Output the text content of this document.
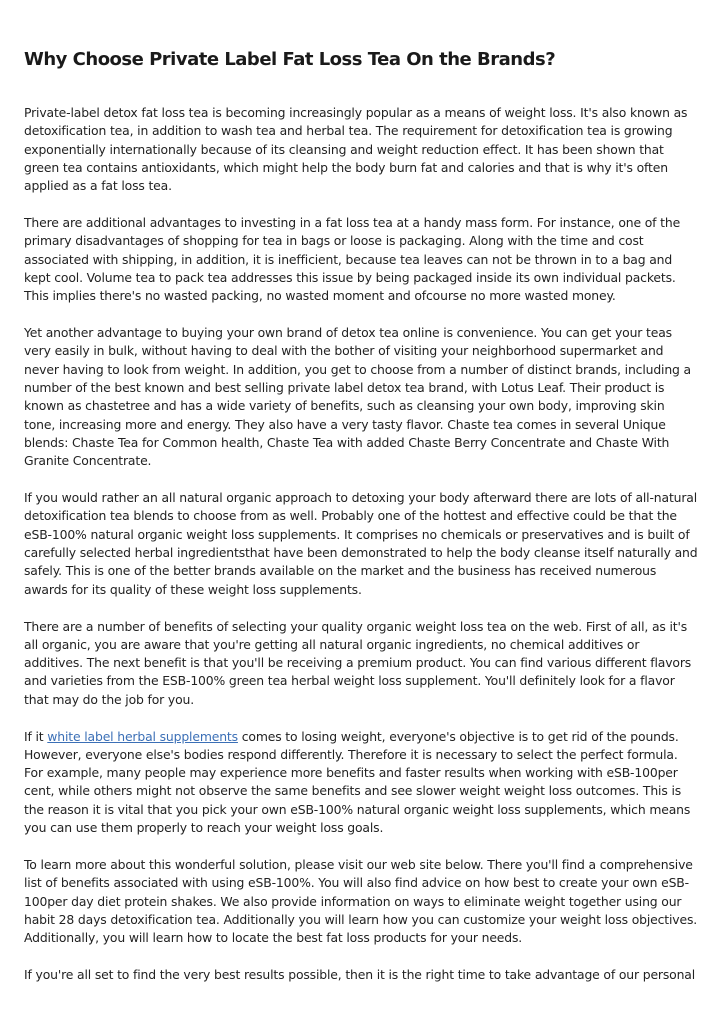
Why Choose Private Label Fat Loss Tea On the Brands?

Private-label detox fat loss tea is becoming increasingly popular as a means of weight loss. It's also known as detoxification tea, in addition to wash tea and herbal tea. The requirement for detoxification tea is growing exponentially internationally because of its cleansing and weight reduction effect. It has been shown that green tea contains antioxidants, which might help the body burn fat and calories and that is why it's often applied as a fat loss tea.

There are additional advantages to investing in a fat loss tea at a handy mass form. For instance, one of the primary disadvantages of shopping for tea in bags or loose is packaging. Along with the time and cost associated with shipping, in addition, it is inefficient, because tea leaves can not be thrown in to a bag and kept cool. Volume tea to pack tea addresses this issue by being packaged inside its own individual packets. This implies there's no wasted packing, no wasted moment and ofcourse no more wasted money.

Yet another advantage to buying your own brand of detox tea online is convenience. You can get your teas very easily in bulk, without having to deal with the bother of visiting your neighborhood supermarket and never having to look from weight. In addition, you get to choose from a number of distinct brands, including a number of the best known and best selling private label detox tea brand, with Lotus Leaf. Their product is known as chastetree and has a wide variety of benefits, such as cleansing your own body, improving skin tone, increasing more and energy. They also have a very tasty flavor. Chaste tea comes in several Unique blends: Chaste Tea for Common health, Chaste Tea with added Chaste Berry Concentrate and Chaste With Granite Concentrate.

If you would rather an all natural organic approach to detoxing your body afterward there are lots of all-natural detoxification tea blends to choose from as well. Probably one of the hottest and effective could be that the eSB-100% natural organic weight loss supplements. It comprises no chemicals or preservatives and is built of carefully selected herbal ingredientsthat have been demonstrated to help the body cleanse itself naturally and safely. This is one of the better brands available on the market and the business has received numerous awards for its quality of these weight loss supplements.

There are a number of benefits of selecting your quality organic weight loss tea on the web. First of all, as it's all organic, you are aware that you're getting all natural organic ingredients, no chemical additives or additives. The next benefit is that you'll be receiving a premium product. You can find various different flavors and varieties from the ESB-100% green tea herbal weight loss supplement. You'll definitely look for a flavor that may do the job for you.

If it white label herbal supplements comes to losing weight, everyone's objective is to get rid of the pounds. However, everyone else's bodies respond differently. Therefore it is necessary to select the perfect formula. For example, many people may experience more benefits and faster results when working with eSB-100per cent, while others might not observe the same benefits and see slower weight weight loss outcomes. This is the reason it is vital that you pick your own eSB-100% natural organic weight loss supplements, which means you can use them properly to reach your weight loss goals.

To learn more about this wonderful solution, please visit our web site below. There you'll find a comprehensive list of benefits associated with using eSB-100%. You will also find advice on how best to create your own eSB-100per day diet protein shakes. We also provide information on ways to eliminate weight together using our habit 28 days detoxification tea. Additionally you will learn how you can customize your weight loss objectives. Additionally, you will learn how to locate the best fat loss products for your needs.

If you're all set to find the very best results possible, then it is the right time to take advantage of our personal
